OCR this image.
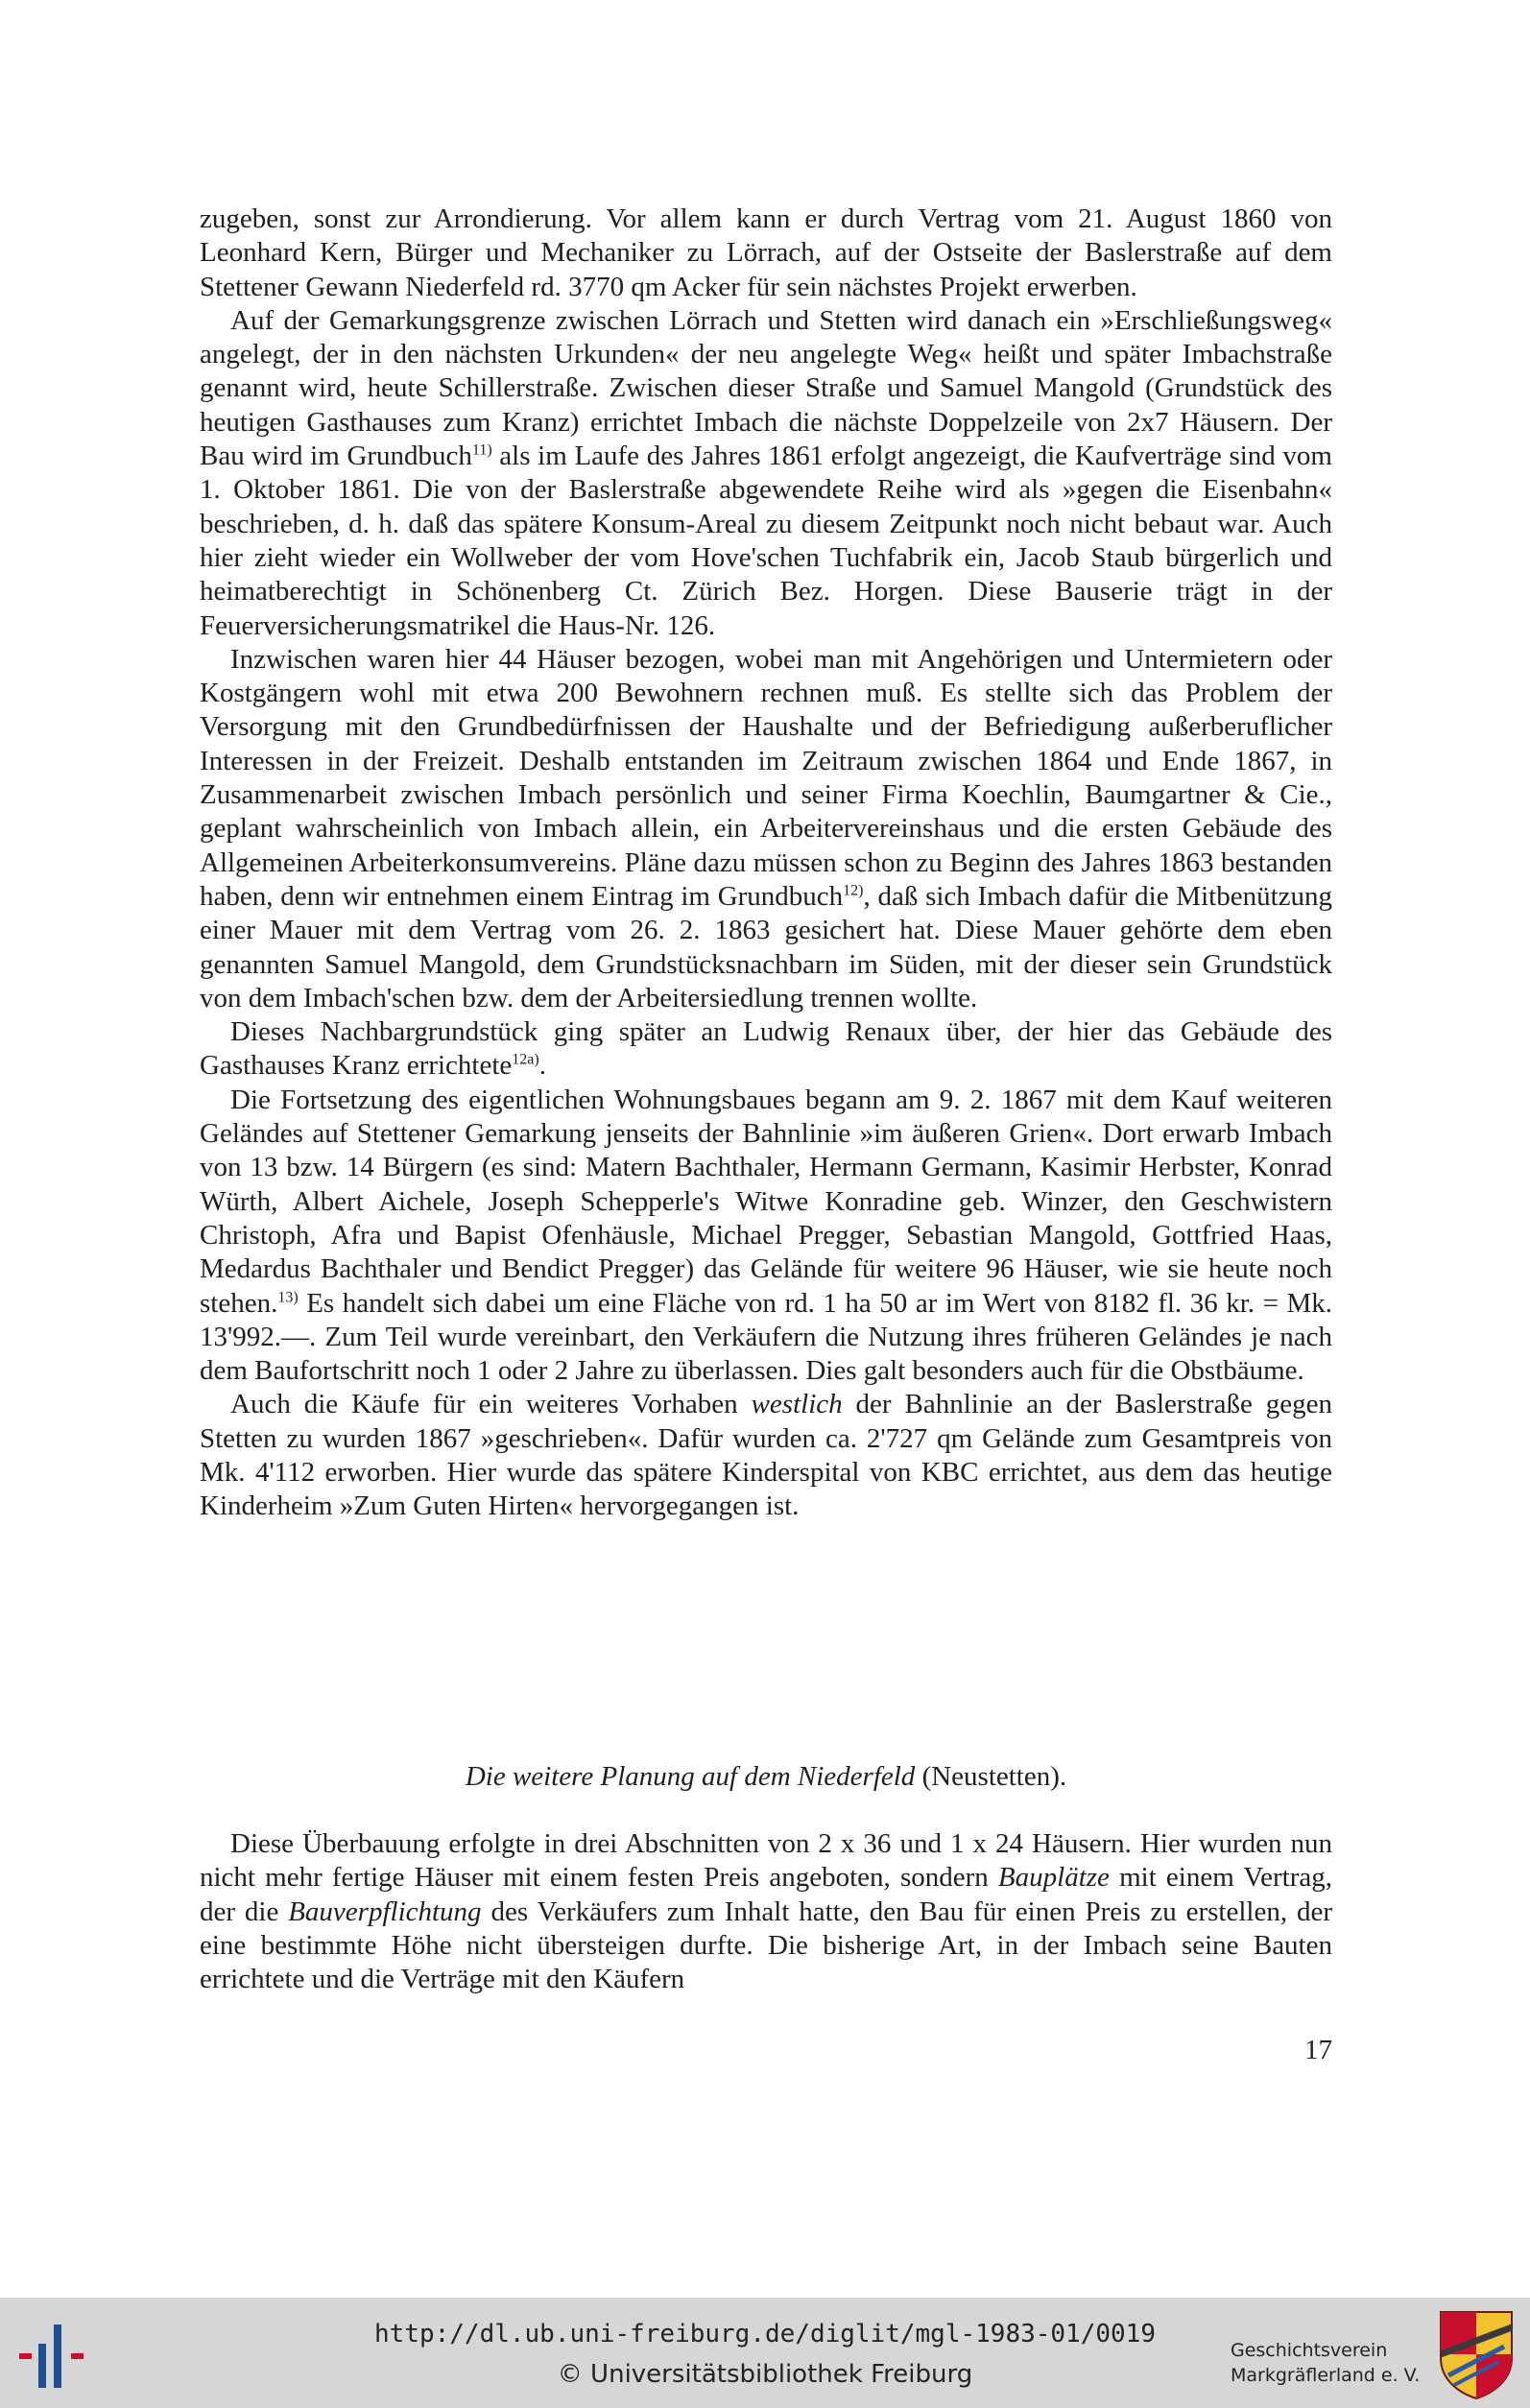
zugeben, sonst zur Arrondierung. Vor allem kann er durch Vertrag vom 21. August 1860 von Leonhard Kern, Bürger und Mechaniker zu Lörrach, auf der Ostseite der Baslerstraße auf dem Stettener Gewann Niederfeld rd. 3770 qm Acker für sein nächstes Projekt erwerben.

Auf der Gemarkungsgrenze zwischen Lörrach und Stetten wird danach ein »Erschließungsweg« angelegt, der in den nächsten Urkunden« der neu angelegte Weg« heißt und später Imbachstraße genannt wird, heute Schillerstraße. Zwischen dieser Straße und Samuel Mangold (Grundstück des heutigen Gasthauses zum Kranz) errichtet Imbach die nächste Doppelzeile von 2x7 Häusern. Der Bau wird im Grundbuch$^{11)}$ als im Laufe des Jahres 1861 erfolgt angezeigt, die Kaufverträge sind vom 1. Oktober 1861. Die von der Baslerstraße abgewendete Reihe wird als »gegen die Eisenbahn« beschrieben, d. h. daß das spätere Konsum-Areal zu diesem Zeitpunkt noch nicht bebaut war. Auch hier zieht wieder ein Wollweber der vom Hove'schen Tuchfabrik ein, Jacob Staub bürgerlich und heimatberechtigt in Schönenberg Ct. Zürich Bez. Horgen. Diese Bauserie trägt in der Feuerversicherungsmatrikel die Haus-Nr. 126.

Inzwischen waren hier 44 Häuser bezogen, wobei man mit Angehörigen und Untermietern oder Kostgängern wohl mit etwa 200 Bewohnern rechnen muß. Es stellte sich das Problem der Versorgung mit den Grundbedürfnissen der Haushalte und der Befriedigung außerberuflicher Interessen in der Freizeit. Deshalb entstanden im Zeitraum zwischen 1864 und Ende 1867, in Zusammenarbeit zwischen Imbach persönlich und seiner Firma Koechlin, Baumgartner & Cie., geplant wahrscheinlich von Imbach allein, ein Arbeitervereinshaus und die ersten Gebäude des Allgemeinen Arbeiterkonsumvereins. Pläne dazu müssen schon zu Beginn des Jahres 1863 bestanden haben, denn wir entnehmen einem Eintrag im Grundbuch$^{12)}$, daß sich Imbach dafür die Mitbenützung einer Mauer mit dem Vertrag vom 26. 2. 1863 gesichert hat. Diese Mauer gehörte dem eben genannten Samuel Mangold, dem Grundstücksnachbarn im Süden, mit der dieser sein Grundstück von dem Imbach'schen bzw. dem der Arbeitersiedlung trennen wollte.

Dieses Nachbargrundstück ging später an Ludwig Renaux über, der hier das Gebäude des Gasthauses Kranz errichtete$^{12a)}$.

Die Fortsetzung des eigentlichen Wohnungsbaues begann am 9. 2. 1867 mit dem Kauf weiteren Geländes auf Stettener Gemarkung jenseits der Bahnlinie »im äußeren Grien«. Dort erwarb Imbach von 13 bzw. 14 Bürgern (es sind: Matern Bachthaler, Hermann Germann, Kasimir Herbster, Konrad Würth, Albert Aichele, Joseph Schepperle's Witwe Konradine geb. Winzer, den Geschwistern Christoph, Afra und Bapist Ofenhäusle, Michael Pregger, Sebastian Mangold, Gottfried Haas, Medardus Bachthaler und Bendict Pregger) das Gelände für weitere 96 Häuser, wie sie heute noch stehen.$^{13)}$ Es handelt sich dabei um eine Fläche von rd. 1 ha 50 ar im Wert von 8182 fl. 36 kr. = Mk. 13'992.—. Zum Teil wurde vereinbart, den Verkäufern die Nutzung ihres früheren Geländes je nach dem Baufortschritt noch 1 oder 2 Jahre zu überlassen. Dies galt besonders auch für die Obstbäume.

Auch die Käufe für ein weiteres Vorhaben westlich der Bahnlinie an der Baslerstraße gegen Stetten zu wurden 1867 »geschrieben«. Dafür wurden ca. 2'727 qm Gelände zum Gesamtpreis von Mk. 4'112 erworben. Hier wurde das spätere Kinderspital von KBC errichtet, aus dem das heutige Kinderheim »Zum Guten Hirten« hervorgegangen ist.

Die weitere Planung auf dem Niederfeld (Neustetten).

Diese Überbauung erfolgte in drei Abschnitten von 2 x 36 und 1 x 24 Häusern. Hier wurden nun nicht mehr fertige Häuser mit einem festen Preis angeboten, sondern Bauplätze mit einem Vertrag, der die Bauverpflichtung des Verkäufers zum Inhalt hatte, den Bau für einen Preis zu erstellen, der eine bestimmte Höhe nicht übersteigen durfte. Die bisherige Art, in der Imbach seine Bauten errichtete und die Verträge mit den Käufern

17
http://dl.ub.uni-freiburg.de/diglit/mgl-1983-01/0019
© Universitätsbibliothek Freiburg
Geschichtsverein
Markgräflerland e. V.
